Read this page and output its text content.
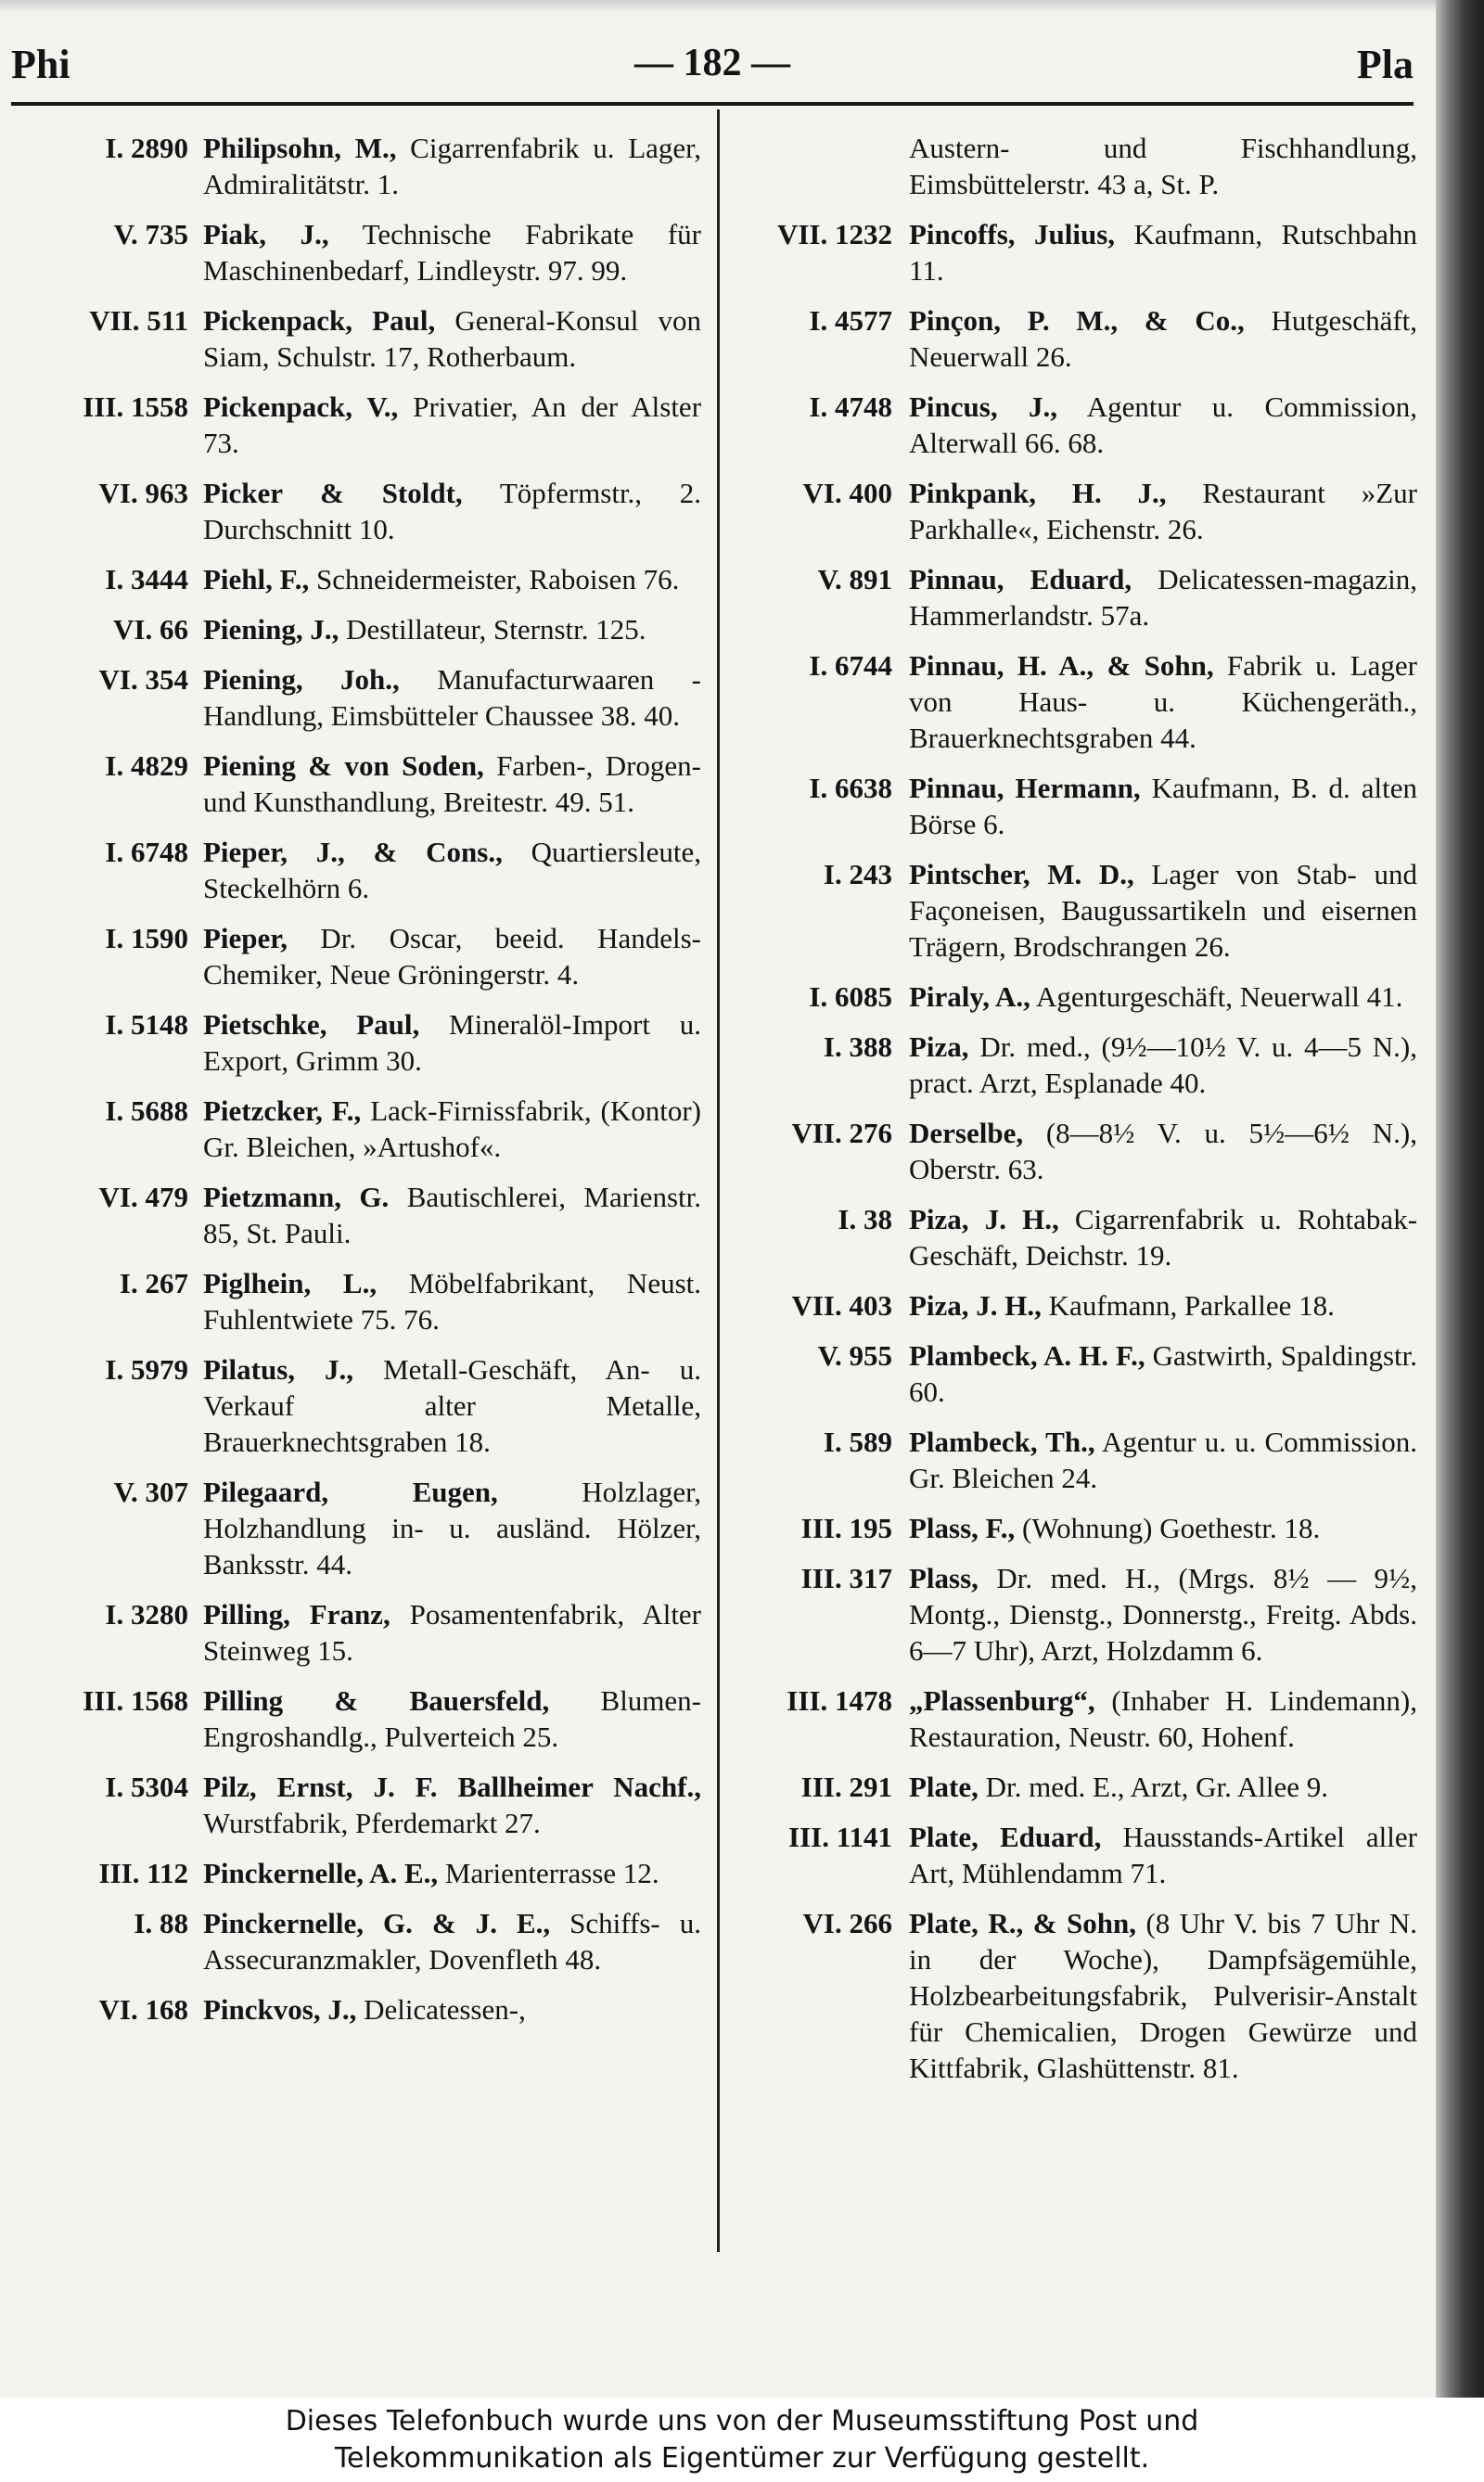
Phi	— 182 —	Pla
I. 2890 Philipsohn, M., Cigarrenfabrik u. Lager, Admiralitätstr. 1.
V. 735 Piak, J., Technische Fabrikate für Maschinenbedarf, Lindleystr. 97. 99.
VII. 511 Pickenpack, Paul, General-Konsul von Siam, Schulstr. 17, Rotherbaum.
III. 1558 Pickenpack, V., Privatier, An der Alster 73.
VI. 963 Picker & Stoldt, Töpfermstr., 2. Durchschnitt 10.
I. 3444 Piehl, F., Schneidermeister, Raboisen 76.
VI. 66 Piening, J., Destillateur, Sternstr. 125.
VI. 354 Piening, Joh., Manufacturwaaren - Handlung, Eimsbütteler Chaussee 38. 40.
I. 4829 Piening & von Soden, Farben-, Drogen- und Kunsthandlung, Breitestr. 49. 51.
I. 6748 Pieper, J., & Cons., Quartiersleute, Steckelhörn 6.
I. 1590 Pieper, Dr. Oscar, beeid. Handels-Chemiker, Neue Gröningerstr. 4.
I. 5148 Pietschke, Paul, Mineralöl-Import u. Export, Grimm 30.
I. 5688 Pietzcker, F., Lack-Firnissfabrik, (Kontor) Gr. Bleichen, »Artushof«.
VI. 479 Pietzmann, G. Bautischlerei, Marienstr. 85, St. Pauli.
I. 267 Piglhein, L., Möbelfabrikant, Neust. Fuhlentwiete 75. 76.
I. 5979 Pilatus, J., Metall-Geschäft, An- u. Verkauf alter Metalle, Brauerknechtsgraben 18.
V. 307 Pilegaard, Eugen,	Holzlager, Holzhandlung in- u. ausländ. Hölzer, Banksstr. 44.
I. 3280 Pilling, Franz, Posamentenfabrik, Alter Steinweg 15.
III. 1568 Pilling & Bauersfeld, Blumen-Engroshandlg., Pulverteich 25.
I. 5304 Pilz, Ernst, J. F. Ballheimer Nachf., Wurstfabrik, Pferdemarkt 27.
III. 112 Pinckernelle, A. E., Marienterrasse 12.
I. 88 Pinckernelle, G. & J. E., Schiffs- u. Assecuranzmakler, Dovenfleth 48.
VI. 168 Pinckvos, J., Delicatessen-,
Austern- und Fischhandlung, Eimsbüttelerstr. 43 a, St. P.
VII. 1232 Pincoffs, Julius, Kaufmann, Rutschbahn 11.
I. 4577 Pinçon, P. M., & Co., Hutgeschäft, Neuerwall 26.
I. 4748 Pincus, J., Agentur u. Commission, Alterwall 66. 68.
VI. 400 Pinkpank, H. J., Restaurant »Zur Parkhalle«, Eichenstr. 26.
V. 891 Pinnau, Eduard, Delicatessen-magazin, Hammerlandstr. 57a.
I. 6744 Pinnau, H. A., & Sohn, Fabrik u. Lager von Haus- u. Küchengeräth., Brauerknechtsgraben 44.
I. 6638 Pinnau, Hermann, Kaufmann, B. d. alten Börse 6.
I. 243 Pintscher, M. D., Lager von Stab- und Façoneisen, Baugussartikeln und eisernen Trägern, Brodschrangen 26.
I. 6085 Piraly, A., Agenturgeschäft, Neuerwall 41.
I. 388 Piza, Dr. med., (9½—10½ V. u. 4—5 N.), pract. Arzt, Esplanade 40.
VII. 276 Derselbe, (8—8½ V. u. 5½—6½ N.), Oberstr. 63.
I. 38 Piza, J. H., Cigarrenfabrik u. Rohtabak-Geschäft, Deichstr. 19.
VII. 403 Piza, J. H., Kaufmann, Parkallee 18.
V. 955 Plambeck, A. H. F., Gastwirth, Spaldingstr. 60.
I. 589 Plambeck, Th., Agentur u. u. Commission. Gr. Bleichen 24.
III. 195 Plass, F., (Wohnung) Goethestr. 18.
III. 317 Plass, Dr. med. H., (Mrgs. 8½ — 9½, Montg., Dienstg., Donnerstg., Freitg. Abds. 6—7 Uhr), Arzt, Holzdamm 6.
III. 1478 „Plassenburg“, (Inhaber H. Lindemann), Restauration, Neustr. 60, Hohenf.
III. 291 Plate, Dr. med. E., Arzt, Gr. Allee 9.
III. 1141 Plate, Eduard, Hausstands-Artikel aller Art, Mühlendamm 71.
VI. 266 Plate, R., & Sohn, (8 Uhr V. bis 7 Uhr N. in der Woche), Dampfsägemühle, Holzbearbeitungsfabrik, Pulverisir-Anstalt für Chemicalien, Drogen Gewürze und Kittfabrik, Glashüttenstr. 81.
Dieses Telefonbuch wurde uns von der Museumsstiftung Post und
Telekommunikation als Eigentümer zur Verfügung gestellt.
